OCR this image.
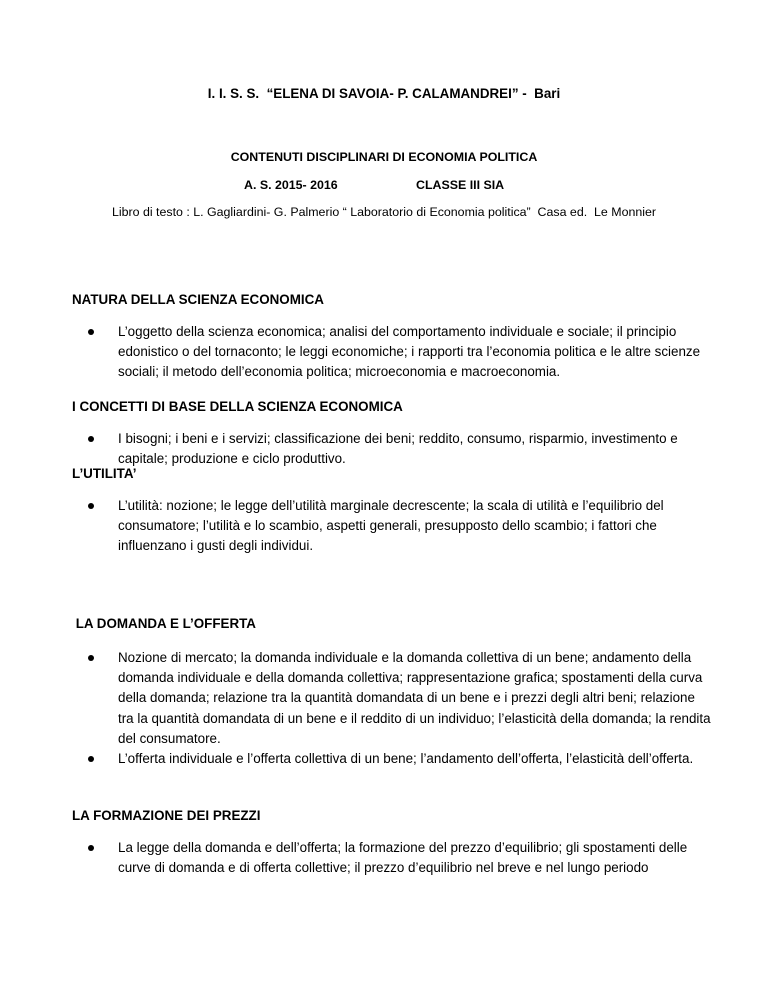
I. I. S. S.  “ELENA DI SAVOIA- P. CALAMANDREI” -  Bari
CONTENUTI DISCIPLINARI DI ECONOMIA POLITICA
A. S. 2015- 2016	CLASSE III SIA
Libro di testo : L. Gagliardini- G. Palmerio “ Laboratorio di Economia politica”  Casa ed.  Le Monnier
NATURA DELLA SCIENZA ECONOMICA
L’oggetto della scienza economica; analisi del comportamento individuale e sociale; il principio edonistico o del tornaconto; le leggi economiche; i rapporti tra l’economia politica e le altre scienze sociali; il metodo dell’economia politica; microeconomia e macroeconomia.
I CONCETTI DI BASE DELLA SCIENZA ECONOMICA
I bisogni; i beni e i servizi; classificazione dei beni; reddito, consumo, risparmio, investimento e capitale; produzione e ciclo produttivo.
L’UTILITA’
L’utilità: nozione; le legge dell’utilità marginale decrescente; la scala di utilità e l’equilibrio del consumatore; l’utilità e lo scambio, aspetti generali, presupposto dello scambio; i fattori che influenzano i gusti degli individui.
LA DOMANDA E L’OFFERTA
Nozione di mercato; la domanda individuale e la domanda collettiva di un bene; andamento della domanda individuale e della domanda collettiva; rappresentazione grafica; spostamenti della curva della domanda; relazione tra la quantità domandata di un bene e i prezzi degli altri beni; relazione tra la quantità domandata di un bene e il reddito di un individuo; l’elasticità della domanda; la rendita del consumatore.
L’offerta individuale e l’offerta collettiva di un bene; l’andamento dell’offerta, l’elasticità dell’offerta.
LA FORMAZIONE DEI PREZZI
La legge della domanda e dell’offerta; la formazione del prezzo d’equilibrio; gli spostamenti delle curve di domanda e di offerta collettive; il prezzo d’equilibrio nel breve e nel lungo periodo
